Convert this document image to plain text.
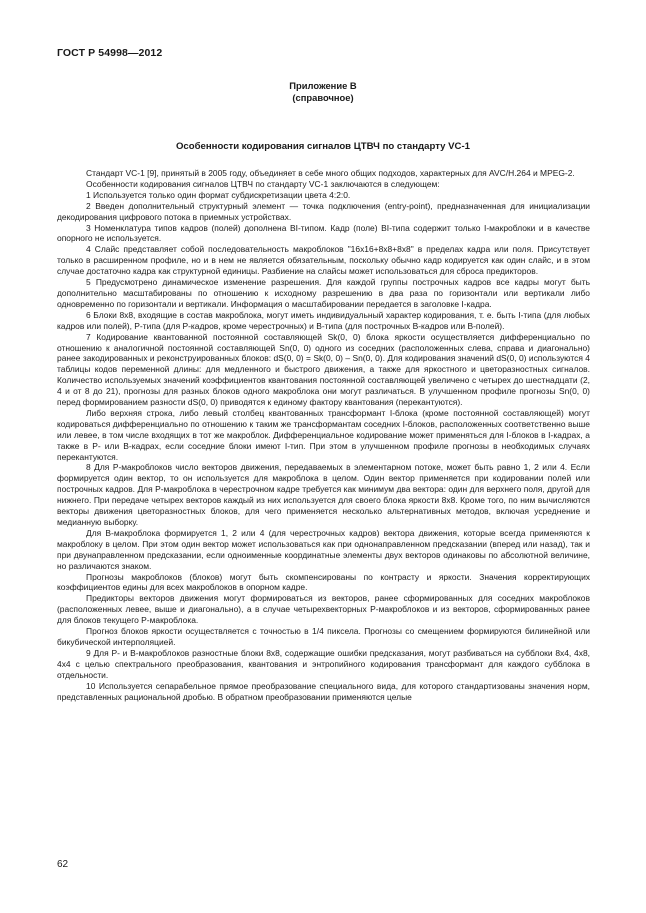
ГОСТ Р 54998—2012
Приложение В
(справочное)
Особенности кодирования сигналов ЦТВЧ по стандарту VC-1

Стандарт VC-1 [9], принятый в 2005 году, объединяет в себе много общих подходов, характерных для AVC/H.264 и MPEG-2.

Особенности кодирования сигналов ЦТВЧ по стандарту VC-1 заключаются в следующем:

1 Используется только один формат субдискретизации цвета 4:2:0.

2 Введен дополнительный структурный элемент — точка подключения (entry-point), предназначенная для инициализации декодирования цифрового потока в приемных устройствах.

3 Номенклатура типов кадров (полей) дополнена BI-типом. Кадр (поле) BI-типа содержит только I-макроблоки и в качестве опорного не используется.

4 Слайс представляет собой последовательность макроблоков "16x16+8x8+8x8" в пределах кадра или поля. Присутствует только в расширенном профиле, но и в нем не является обязательным, поскольку обычно кадр кодируется как один слайс, и в этом случае достаточно кадра как структурной единицы. Разбиение на слайсы может использоваться для сброса предикторов.

5 Предусмотрено динамическое изменение разрешения. Для каждой группы построчных кадров все кадры могут быть дополнительно масштабированы по отношению к исходному разрешению в два раза по горизонтали или вертикали либо одновременно по горизонтали и вертикали. Информация о масштабировании передается в заголовке I-кадра.

6 Блоки 8x8, входящие в состав макроблока, могут иметь индивидуальный характер кодирования, т. е. быть I-типа (для любых кадров или полей), P-типа (для P-кадров, кроме черестрочных) и B-типа (для построчных B-кадров или B-полей).

7 Кодирование квантованной постоянной составляющей Sk(0, 0) блока яркости осуществляется дифференциально по отношению к аналогичной постоянной составляющей Sn(0, 0) одного из соседних (расположенных слева, справа и диагонально) ранее закодированных и реконструированных блоков: dS(0, 0) = Sk(0, 0) – Sn(0, 0). Для кодирования значений dS(0, 0) используются 4 таблицы кодов переменной длины: для медленного и быстрого движения, а также для яркостного и цветоразностных сигналов. Количество используемых значений коэффициентов квантования постоянной составляющей увеличено с четырех до шестнадцати (2, 4 и от 8 до 21), прогнозы для разных блоков одного макроблока они могут различаться. В улучшенном профиле прогнозы Sn(0, 0) перед формированием разности dS(0, 0) приводятся к единому фактору квантования (перекантуются).

Либо верхняя строка, либо левый столбец квантованных трансформант I-блока (кроме постоянной составляющей) могут кодироваться дифференциально по отношению к таким же трансформантам соседних I-блоков, расположенных соответственно выше или левее, в том числе входящих в тот же макроблок. Дифференциальное кодирование может применяться для I-блоков в I-кадрах, а также в P- или B-кадрах, если соседние блоки имеют I-тип. При этом в улучшенном профиле прогнозы в необходимых случаях перекантуются.

8 Для P-макроблоков число векторов движения, передаваемых в элементарном потоке, может быть равно 1, 2 или 4. Если формируется один вектор, то он используется для макроблока в целом. Один вектор применяется при кодировании полей или построчных кадров. Для P-макроблока в черестрочном кадре требуется как минимум два вектора: один для верхнего поля, другой для нижнего. При передаче четырех векторов каждый из них используется для своего блока яркости 8x8. Кроме того, по ним вычисляются векторы движения цветоразностных блоков, для чего применяется несколько альтернативных методов, включая усреднение и медианную выборку.

Для B-макроблока формируется 1, 2 или 4 (для черестрочных кадров) вектора движения, которые всегда применяются к макроблоку в целом. При этом один вектор может использоваться как при однонаправленном предсказании (вперед или назад), так и при двунаправленном предсказании, если одноименные координатные элементы двух векторов одинаковы по абсолютной величине, но различаются знаком.

Прогнозы макроблоков (блоков) могут быть скомпенсированы по контрасту и яркости. Значения корректирующих коэффициентов едины для всех макроблоков в опорном кадре.

Предикторы векторов движения могут формироваться из векторов, ранее сформированных для соседних макроблоков (расположенных левее, выше и диагонально), а в случае четырехвекторных P-макроблоков и из векторов, сформированных ранее для блоков текущего P-макроблока.

Прогноз блоков яркости осуществляется с точностью в 1/4 пиксела. Прогнозы со смещением формируются билинейной или бикубической интерполяцией.

9 Для P- и B-макроблоков разностные блоки 8x8, содержащие ошибки предсказания, могут разбиваться на субблоки 8x4, 4x8, 4x4 с целью спектрального преобразования, квантования и энтропийного кодирования трансформант для каждого субблока в отдельности.

10 Используется сепарабельное прямое преобразование специального вида, для которого стандартизованы значения норм, представленных рациональной дробью. В обратном преобразовании применяются целые

62
